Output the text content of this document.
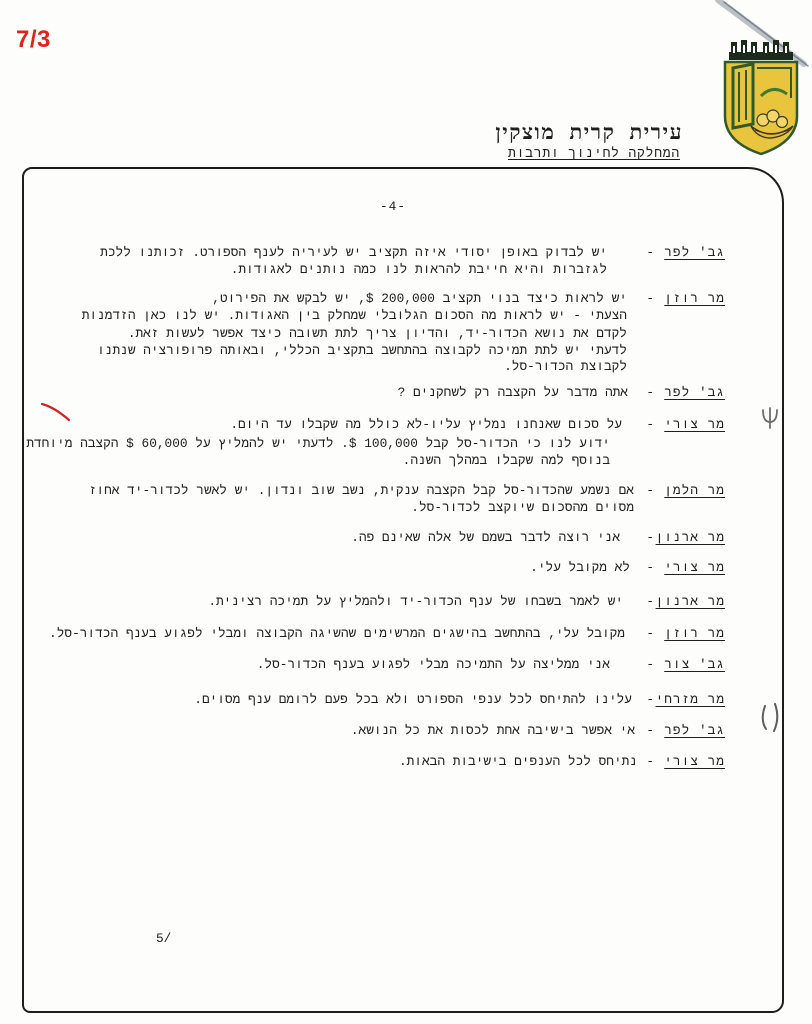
7/3
עירית קרית מוצקין
המחלקה לחינוך ותרבות
-4-
גב' לפר
-
יש לבדוק באופן יסודי איזה תקציב יש לעיריה לענף הספורט. זכותנו ללכת
לגזברות והיא חייבת להראות לנו כמה נותנים לאגודות.
מר רוזן
-
יש לראות כיצד בנוי תקציב 200,000 $, יש לבקש את הפירוט,
הצעתי - יש לראות מה הסכום הגלובלי שמחלק בין האגודות. יש לנו כאן הזדמנות
לקדם את נושא הכדור-יד, והדיון צריך לתת תשובה כיצד אפשר לעשות זאת.
לדעתי יש לתת תמיכה לקבוצה בהתחשב בתקציב הכללי, ובאותה פרופורציה שנתנו
לקבוצת הכדור-סל.
גב' לפר
-
אתה מדבר על הקצבה רק לשחקנים ?
מר צורי
-
על סכום שאנחנו נמליץ עליו-לא כולל מה שקבלו עד היום.
ידוע לנו כי הכדור-סל קבל 100,000 $. לדעתי יש להמליץ על 60,000 $ הקצבה מיוחדת
בנוסף למה שקבלו במהלך השנה.
מר הלמן
-
אם נשמע שהכדור-סל קבל הקצבה ענקית, נשב שוב ונדון. יש לאשר לכדור-יד אחוז
מסוים מהסכום שיוקצב לכדור-סל.
מר ארנון
-
אני רוצה לדבר בשמם של אלה שאינם פה.
מר צורי
-
לא מקובל עלי.
מר ארנון
-
יש לאמר בשבחו של ענף הכדור-יד ולהמליץ על תמיכה רצינית.
מר רוזן
-
מקובל עלי, בהתחשב בהישגים המרשימים שהשיגה הקבוצה ומבלי לפגוע בענף הכדור-סל.
גב' צור
-
אני ממליצה על התמיכה מבלי לפגוע בענף הכדור-סל.
מר מזרחי
-
עלינו להתיחס לכל ענפי הספורט ולא בכל פעם לרומם ענף מסוים.
גב' לפר
-
אי אפשר בישיבה אחת לכסות את כל הנושא.
מר צורי
-
נתיחס לכל הענפים בישיבות הבאות.
5/
